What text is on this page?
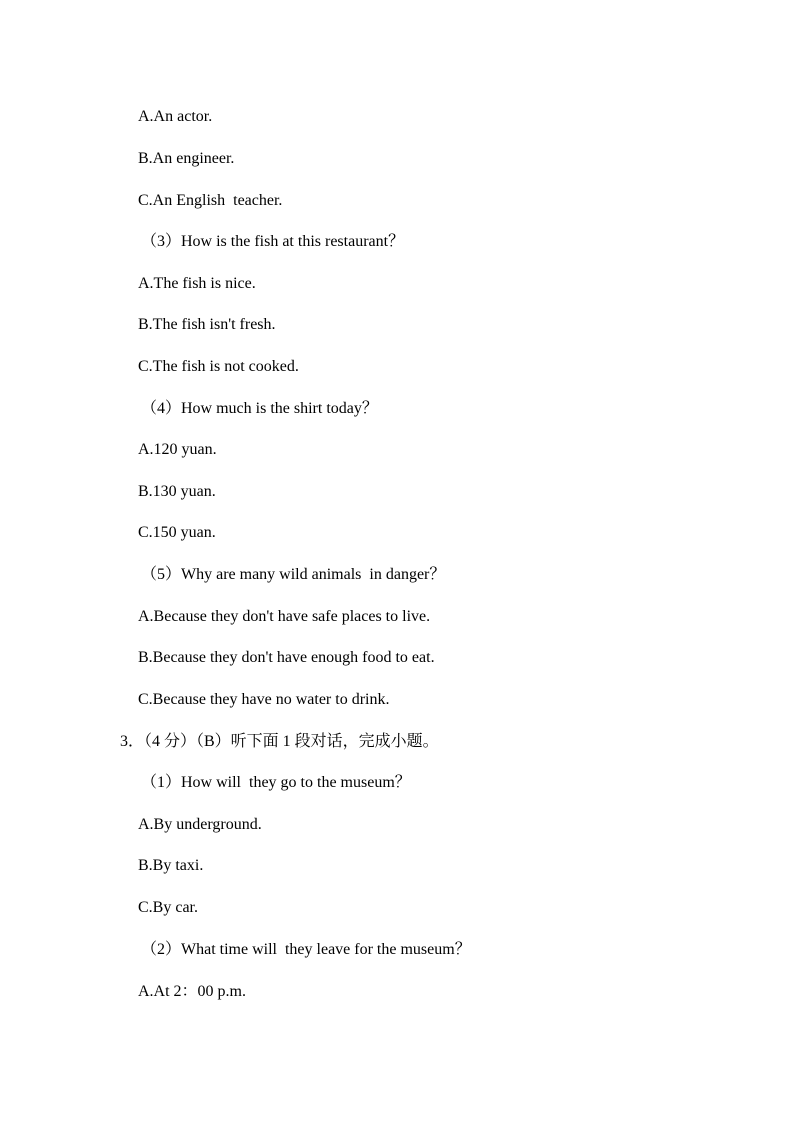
A.An actor.
B.An engineer.
C.An English  teacher.
（3）How is the fish at this restaurant？
A.The fish is nice.
B.The fish isn't fresh.
C.The fish is not cooked.
（4）How much is the shirt today？
A.120 yuan.
B.130 yuan.
C.150 yuan.
（5）Why are many wild animals  in danger？
A.Because they don't have safe places to live.
B.Because they don't have enough food to eat.
C.Because they have no water to drink.
3．（4 分）（B）听下面 1 段对话，完成小题。
（1）How will  they go to the museum？
A.By underground.
B.By taxi.
C.By car.
（2）What time will  they leave for the museum？
A.At 2：00 p.m.
